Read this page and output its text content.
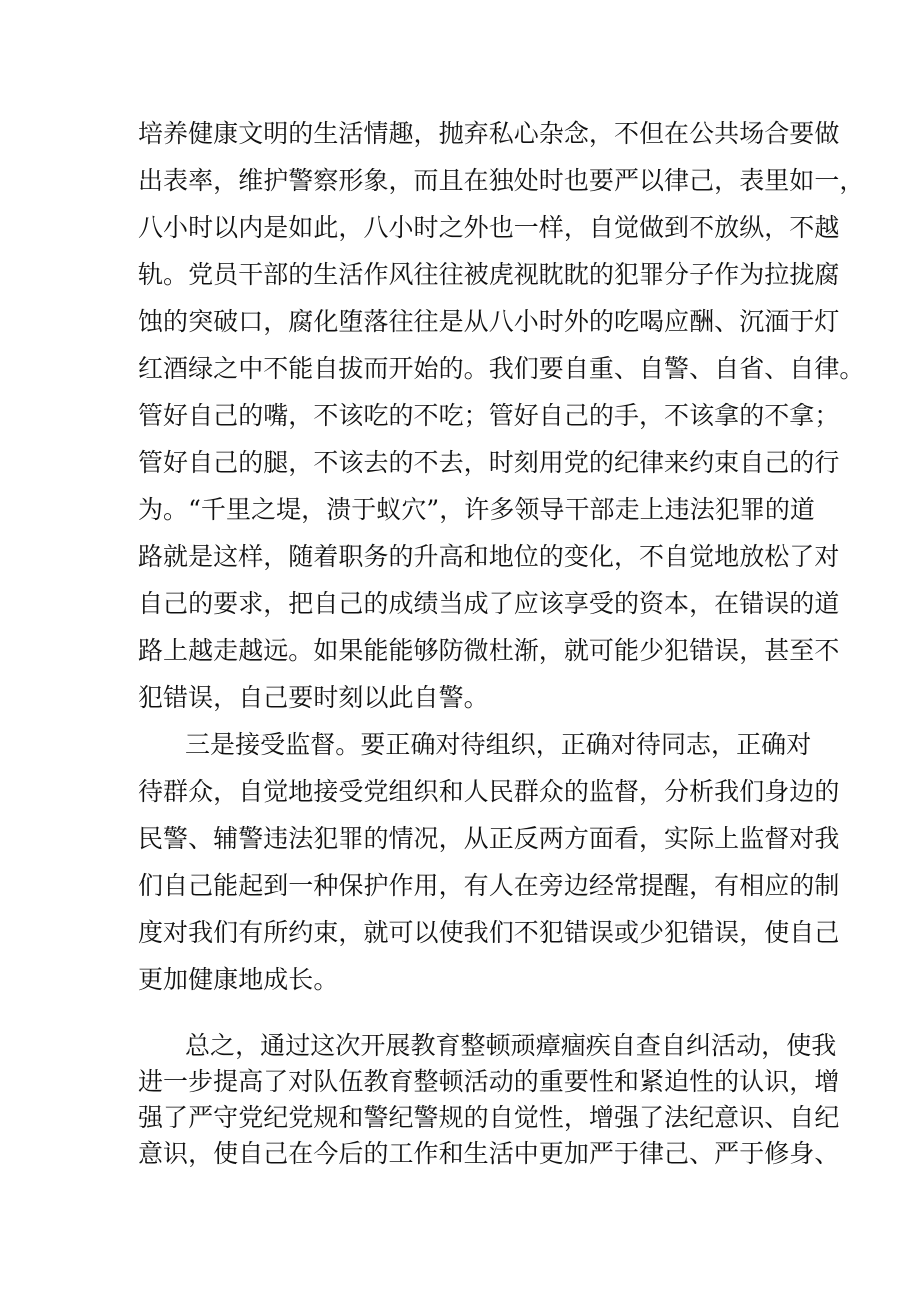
培养健康文明的生活情趣，抛弃私心杂念，不但在公共场合要做
出表率，维护警察形象，而且在独处时也要严以律己，表里如一，
八小时以内是如此，八小时之外也一样，自觉做到不放纵，不越
轨。党员干部的生活作风往往被虎视眈眈的犯罪分子作为拉拢腐
蚀的突破口，腐化堕落往往是从八小时外的吃喝应酬、沉湎于灯
红酒绿之中不能自拔而开始的。我们要自重、自警、自省、自律。
管好自己的嘴，不该吃的不吃；管好自己的手，不该拿的不拿；
管好自己的腿，不该去的不去，时刻用党的纪律来约束自己的行
为。“千里之堤，溃于蚁穴”，许多领导干部走上违法犯罪的道
路就是这样，随着职务的升高和地位的变化，不自觉地放松了对
自己的要求，把自己的成绩当成了应该享受的资本，在错误的道
路上越走越远。如果能能够防微杜渐，就可能少犯错误，甚至不
犯错误，自己要时刻以此自警。
三是接受监督。要正确对待组织，正确对待同志，正确对
待群众，自觉地接受党组织和人民群众的监督，分析我们身边的
民警、辅警违法犯罪的情况，从正反两方面看，实际上监督对我
们自己能起到一种保护作用，有人在旁边经常提醒，有相应的制
度对我们有所约束，就可以使我们不犯错误或少犯错误，使自己
更加健康地成长。
总之，通过这次开展教育整顿顽瘴痼疾自查自纠活动，使我
进一步提高了对队伍教育整顿活动的重要性和紧迫性的认识，增
强了严守党纪党规和警纪警规的自觉性，增强了法纪意识、自纪
意识，使自己在今后的工作和生活中更加严于律己、严于修身、
